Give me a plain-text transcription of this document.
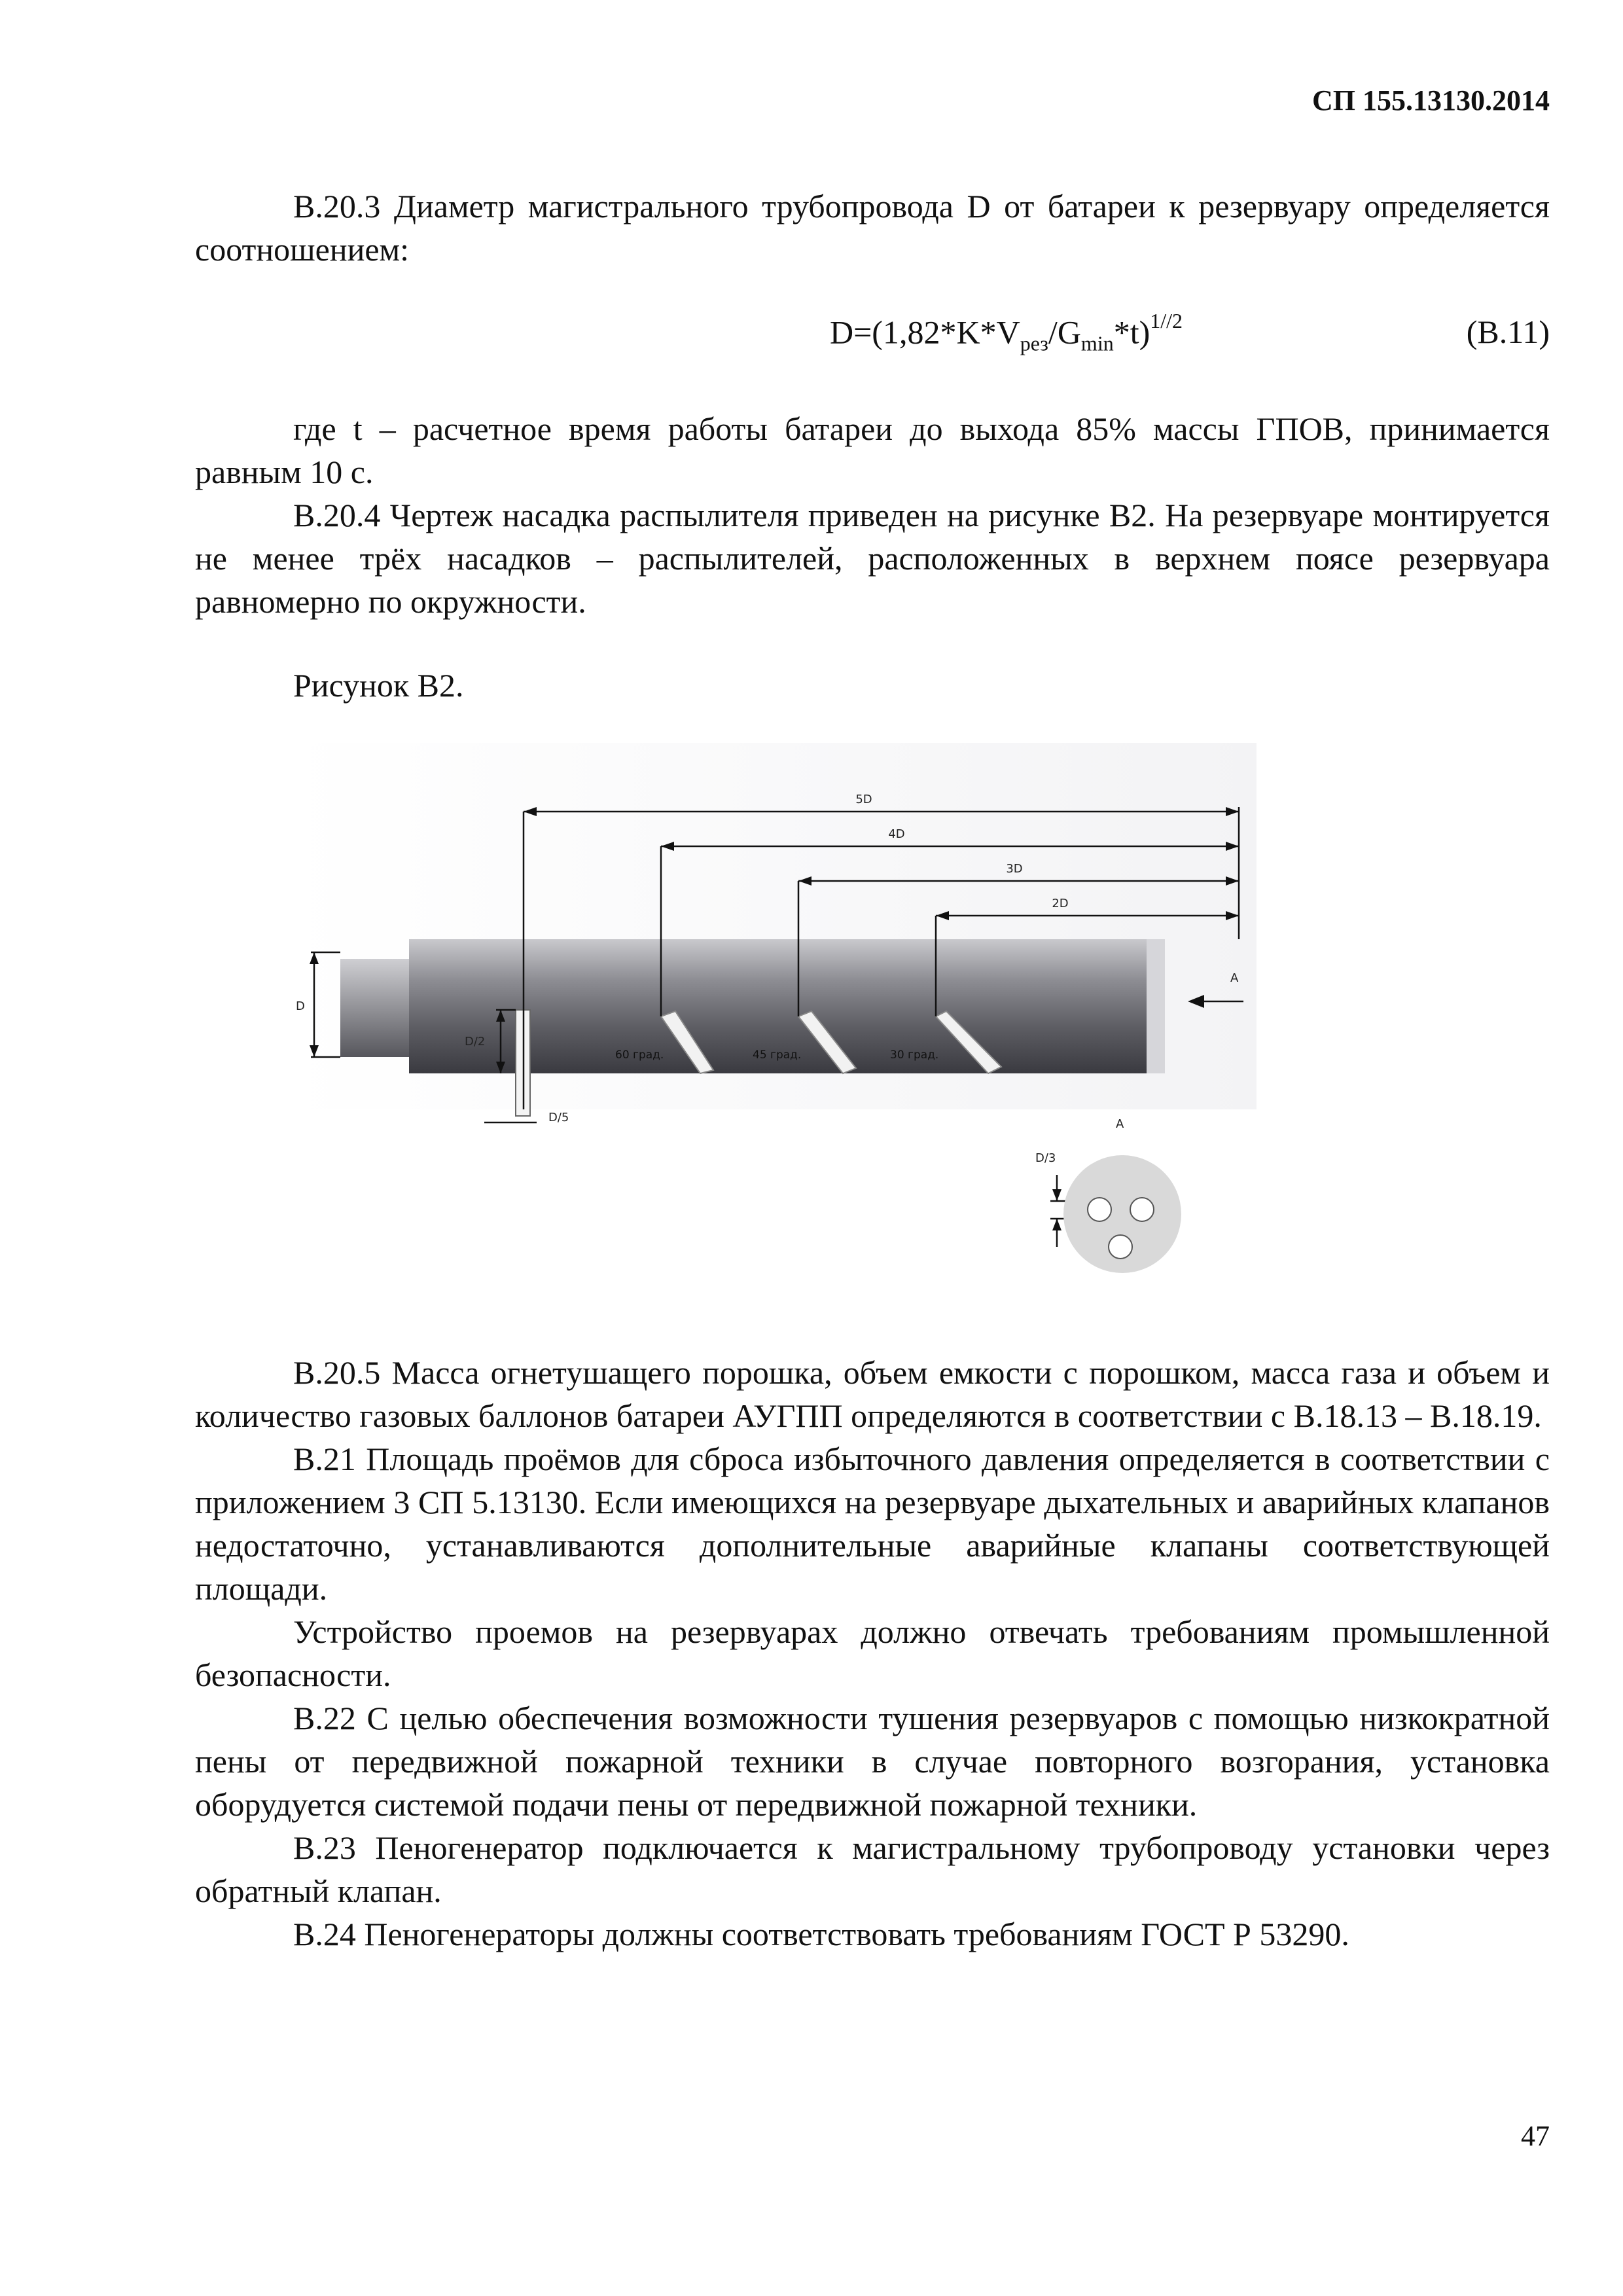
СП 155.13130.2014

В.20.3 Диаметр магистрального трубопровода D от батареи к резервуару определяется соотношением:

$D=(1,82*K*V_{рез}/G_{min}*t)^{1//2}$	(В.11)

где t – расчетное время работы батареи до выхода 85% массы ГПОВ, принимается равным 10 с.

В.20.4 Чертеж насадка распылителя приведен на рисунке В2. На резервуаре монтируется не менее трёх насадков – распылителей, расположенных в верхнем поясе резервуара равномерно по окружности.

Рисунок В2.
5D
4D
3D
2D
D
D/2
D/5
A
A
D/3
60 град.	45 град.	30 град.

В.20.5 Масса огнетушащего порошка, объем емкости с порошком, масса газа и объем и количество газовых баллонов батареи АУГПП определяются в соответствии с В.18.13 – В.18.19.

В.21 Площадь проёмов для сброса избыточного давления определяется в соответствии с приложением 3 СП 5.13130. Если имеющихся на резервуаре дыхательных и аварийных клапанов недостаточно, устанавливаются дополнительные аварийные клапаны соответствующей площади.

Устройство проемов на резервуарах должно отвечать требованиям промышленной безопасности.

В.22 С целью обеспечения возможности тушения резервуаров с помощью низкократной пены от передвижной пожарной техники в случае повторного возгорания, установка оборудуется системой подачи пены от передвижной пожарной техники.

В.23 Пеногенератор подключается к магистральному трубопроводу установки через обратный клапан.

В.24 Пеногенераторы должны соответствовать требованиям ГОСТ Р 53290.

47
